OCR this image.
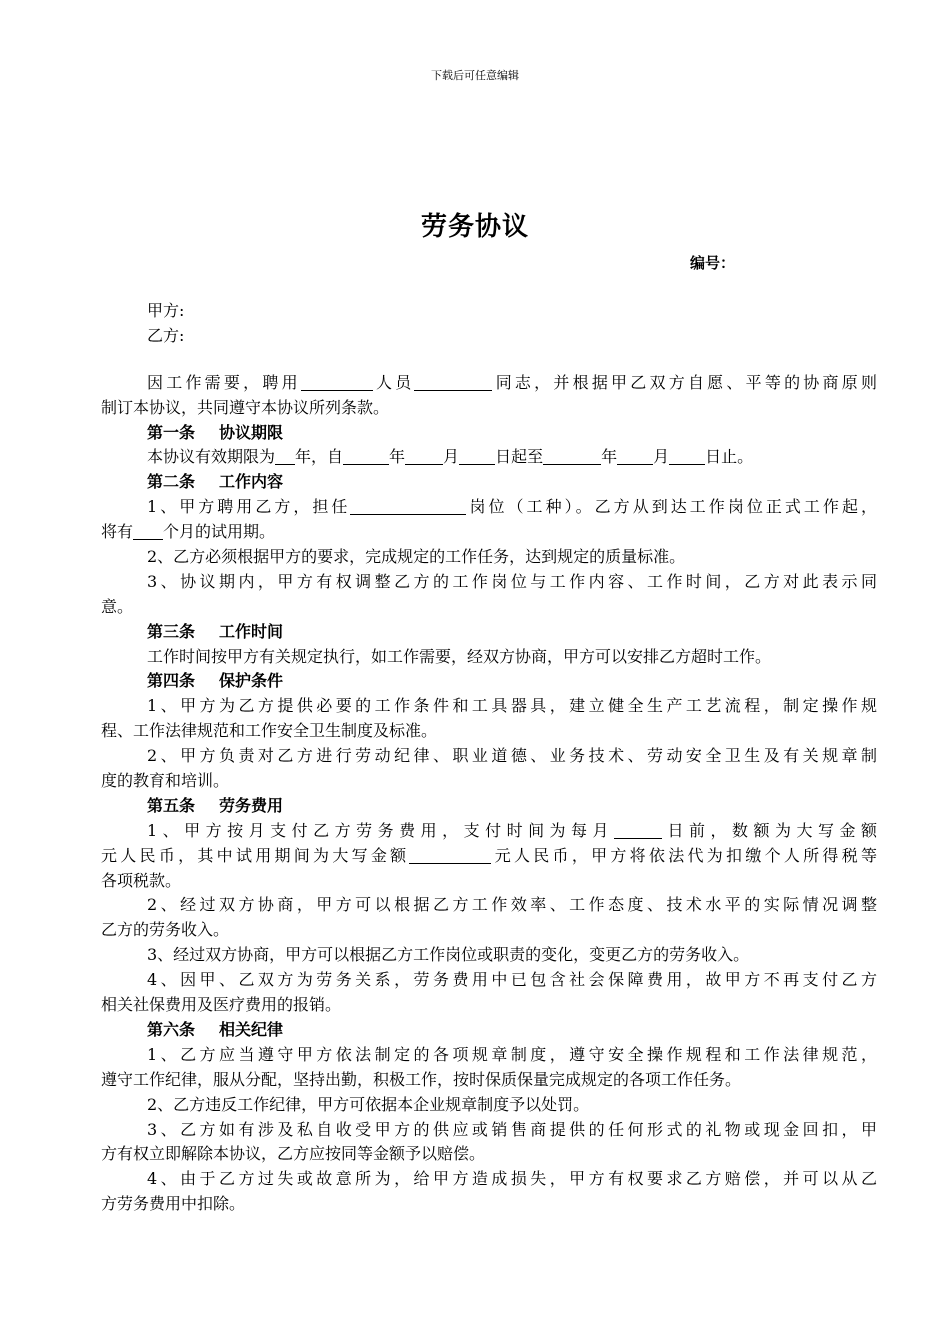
下载后可任意编辑
劳务协议
编号：
甲方:
乙方:
因工作需要，聘用	人员	同志，并根据甲乙双方自愿、平等的协商原则
制订本协议，共同遵守本协议所列条款。
第一条 协议期限
本协议有效期限为 年，自	年 月 日起至	年 月 日止。
第二条 工作内容
1、甲方聘用乙方，担任	岗位（工种）。乙方从到达工作岗位正式工作起，
将有 个月的试用期。
2、乙方必须根据甲方的要求，完成规定的工作任务，达到规定的质量标准。
3、协议期内，甲方有权调整乙方的工作岗位与工作内容、工作时间，乙方对此表示同
意。
第三条 工作时间
工作时间按甲方有关规定执行，如工作需要，经双方协商，甲方可以安排乙方超时工作。
第四条 保护条件
1、甲方为乙方提供必要的工作条件和工具器具，建立健全生产工艺流程，制定操作规
程、工作法律规范和工作安全卫生制度及标准。
2、甲方负责对乙方进行劳动纪律、职业道德、业务技术、劳动安全卫生及有关规章制
度的教育和培训。
第五条 劳务费用
1、甲方按月支付乙方劳务费用，支付时间为每月	日前，数额为大写金额
元人民币，其中试用期间为大写金额	元人民币，甲方将依法代为扣缴个人所得税等
各项税款。
2、经过双方协商，甲方可以根据乙方工作效率、工作态度、技术水平的实际情况调整
乙方的劳务收入。
3、经过双方协商，甲方可以根据乙方工作岗位或职责的变化，变更乙方的劳务收入。
4、因甲、乙双方为劳务关系，劳务费用中已包含社会保障费用，故甲方不再支付乙方
相关社保费用及医疗费用的报销。
第六条 相关纪律
1、乙方应当遵守甲方依法制定的各项规章制度，遵守安全操作规程和工作法律规范，
遵守工作纪律，服从分配，坚持出勤，积极工作，按时保质保量完成规定的各项工作任务。
2、乙方违反工作纪律，甲方可依据本企业规章制度予以处罚。
3、乙方如有涉及私自收受甲方的供应或销售商提供的任何形式的礼物或现金回扣，甲
方有权立即解除本协议，乙方应按同等金额予以赔偿。
4、由于乙方过失或故意所为，给甲方造成损失，甲方有权要求乙方赔偿，并可以从乙
方劳务费用中扣除。
